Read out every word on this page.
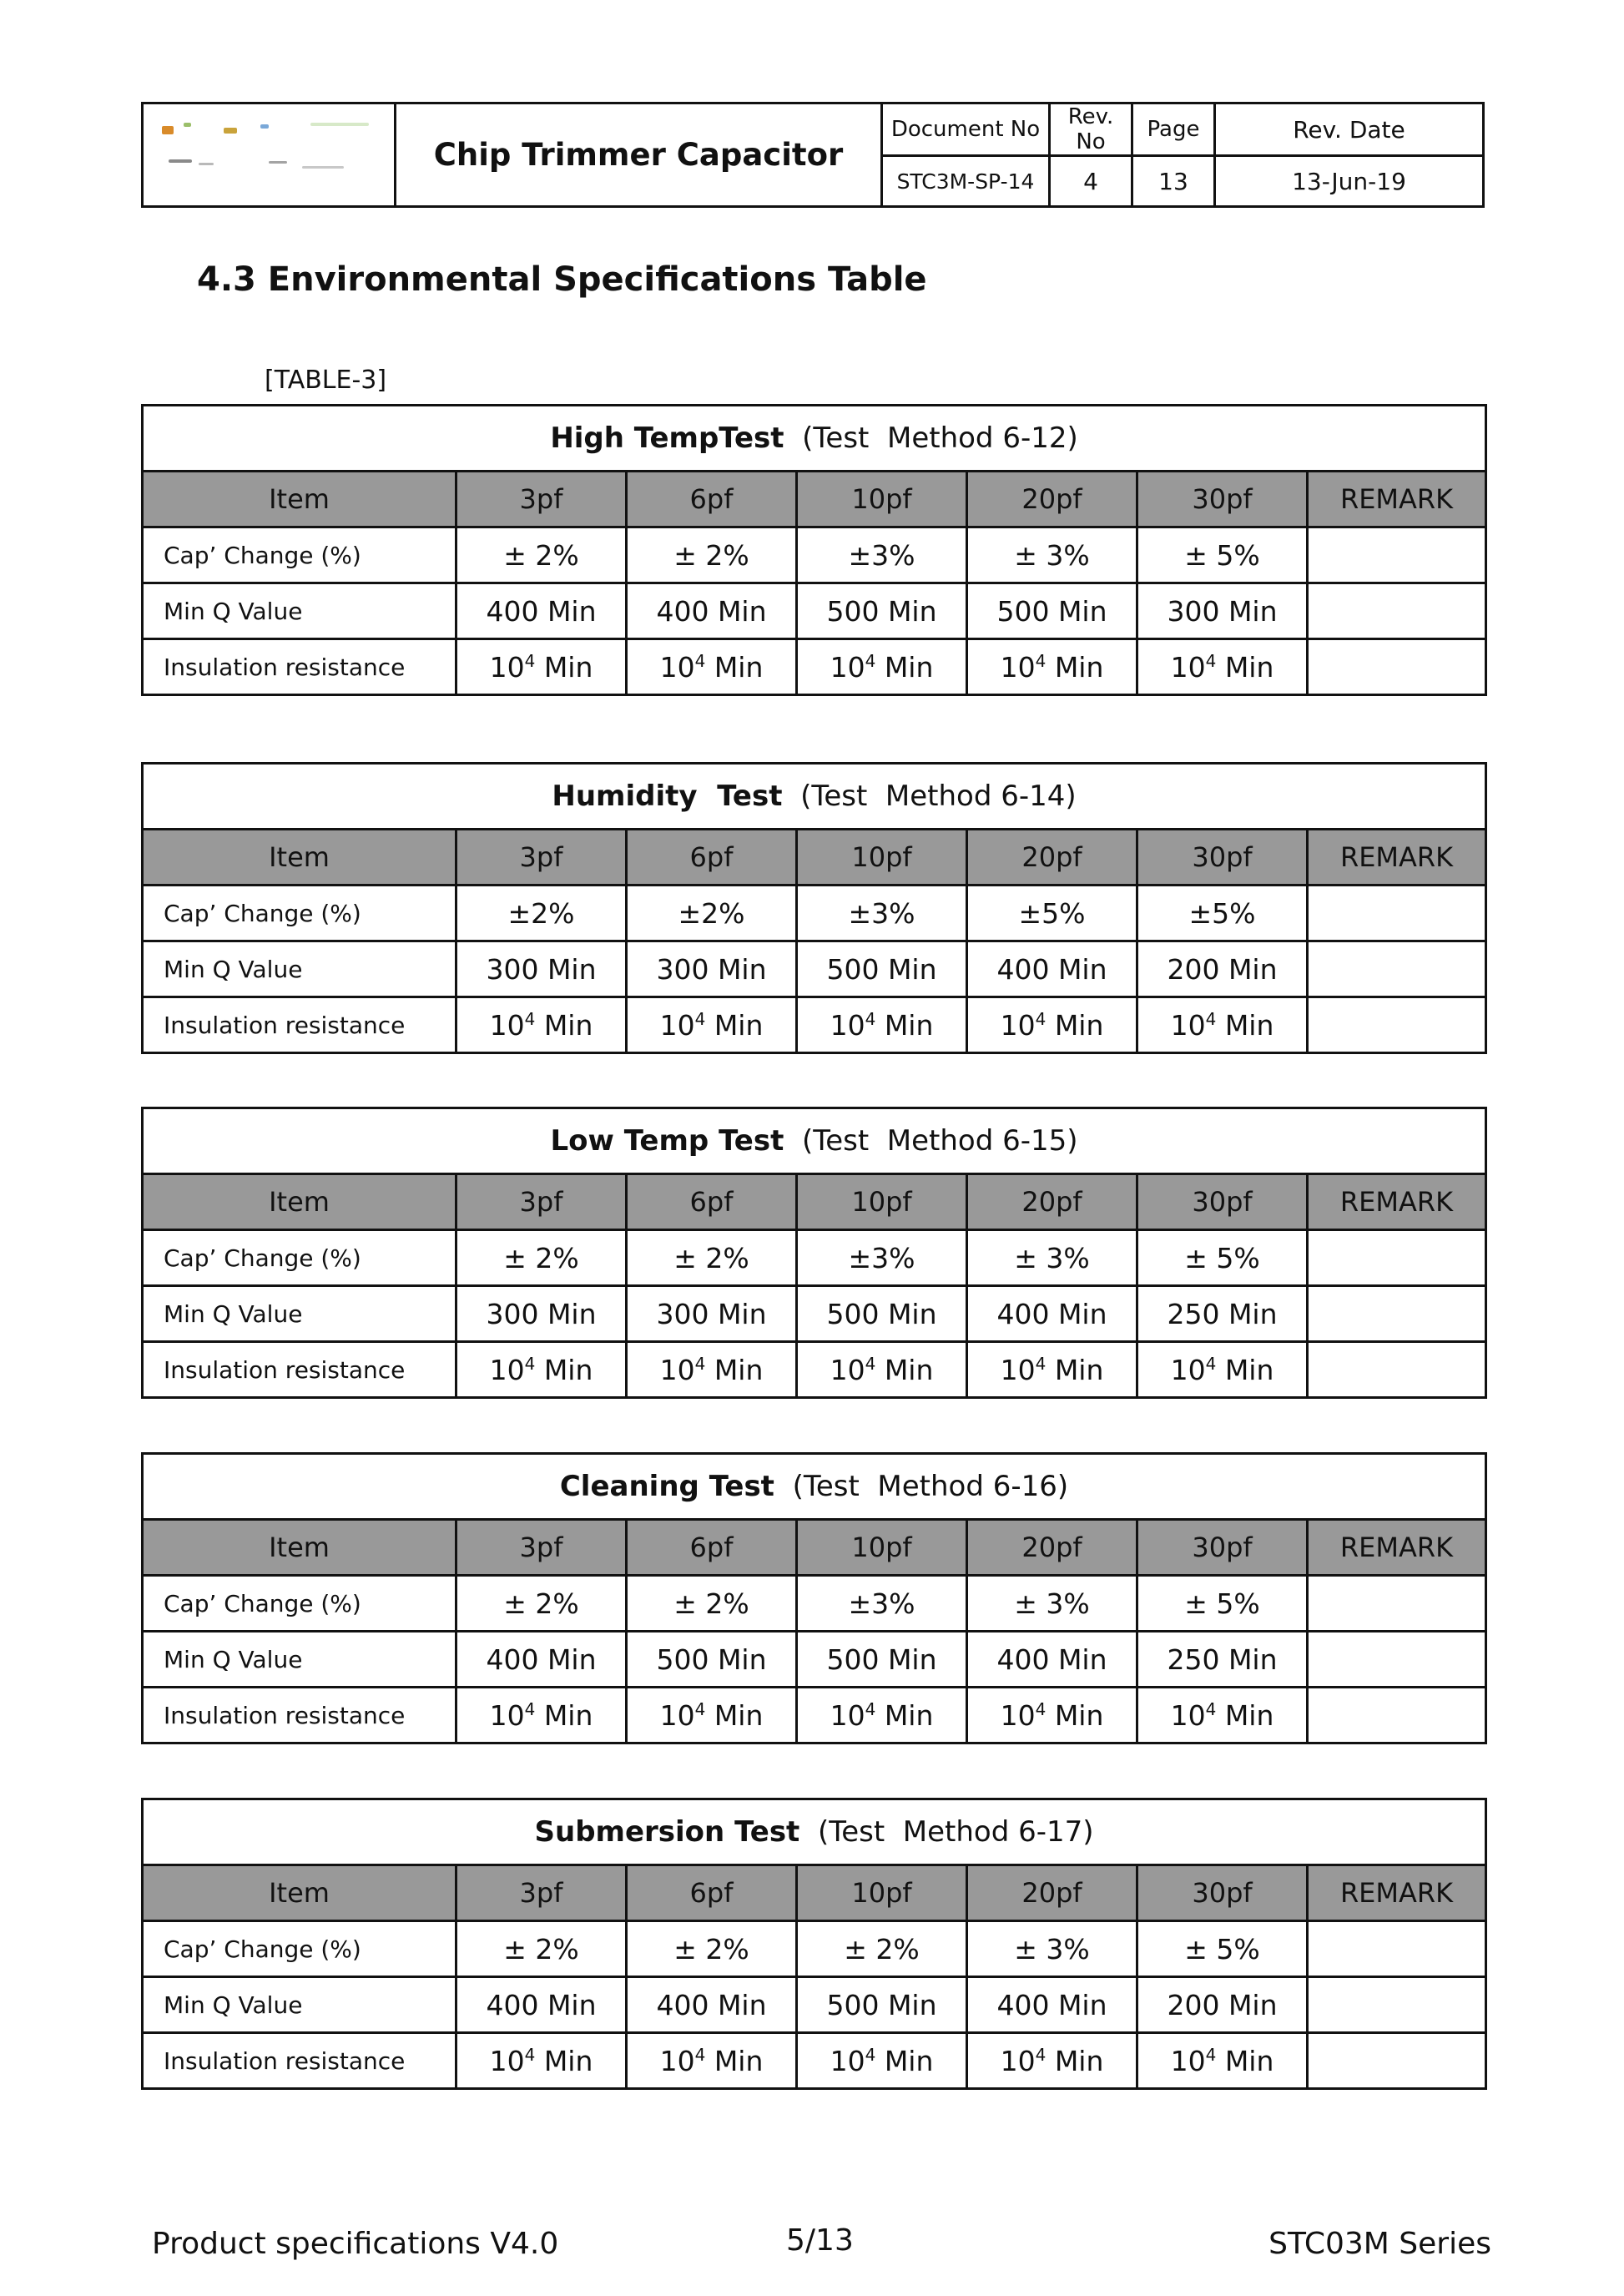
	Chip Trimmer Capacitor	Document No	Rev. No	Page	Rev. Date
		STC3M-SP-14	4	13	13-Jun-19
4.3 Environmental Specifications Table
[TABLE-3]
High TempTest (Test  Method 6-12)						
Item	3pf	6pf	10pf	20pf	30pf	REMARK
Cap’ Change (%)	± 2%	± 2%	±3%	± 3%	± 5%	
Min Q Value	400 Min	400 Min	500 Min	500 Min	300 Min	
Insulation resistance	$10^4$ Min	$10^4$ Min	$10^4$ Min	$10^4$ Min	$10^4$ Min	
Humidity  Test (Test  Method 6-14)						
Item	3pf	6pf	10pf	20pf	30pf	REMARK
Cap’ Change (%)	±2%	±2%	±3%	±5%	±5%	
Min Q Value	300 Min	300 Min	500 Min	400 Min	200 Min	
Insulation resistance	$10^4$ Min	$10^4$ Min	$10^4$ Min	$10^4$ Min	$10^4$ Min	
Low Temp Test (Test  Method 6-15)						
Item	3pf	6pf	10pf	20pf	30pf	REMARK
Cap’ Change (%)	± 2%	± 2%	±3%	± 3%	± 5%	
Min Q Value	300 Min	300 Min	500 Min	400 Min	250 Min	
Insulation resistance	$10^4$ Min	$10^4$ Min	$10^4$ Min	$10^4$ Min	$10^4$ Min	
Cleaning Test (Test  Method 6-16)						
Item	3pf	6pf	10pf	20pf	30pf	REMARK
Cap’ Change (%)	± 2%	± 2%	±3%	± 3%	± 5%	
Min Q Value	400 Min	500 Min	500 Min	400 Min	250 Min	
Insulation resistance	$10^4$ Min	$10^4$ Min	$10^4$ Min	$10^4$ Min	$10^4$ Min	
Submersion Test (Test  Method 6-17)						
Item	3pf	6pf	10pf	20pf	30pf	REMARK
Cap’ Change (%)	± 2%	± 2%	± 2%	± 3%	± 5%	
Min Q Value	400 Min	400 Min	500 Min	400 Min	200 Min	
Insulation resistance	$10^4$ Min	$10^4$ Min	$10^4$ Min	$10^4$ Min	$10^4$ Min	
Product specifications V4.0	5/13	STC03M Series
